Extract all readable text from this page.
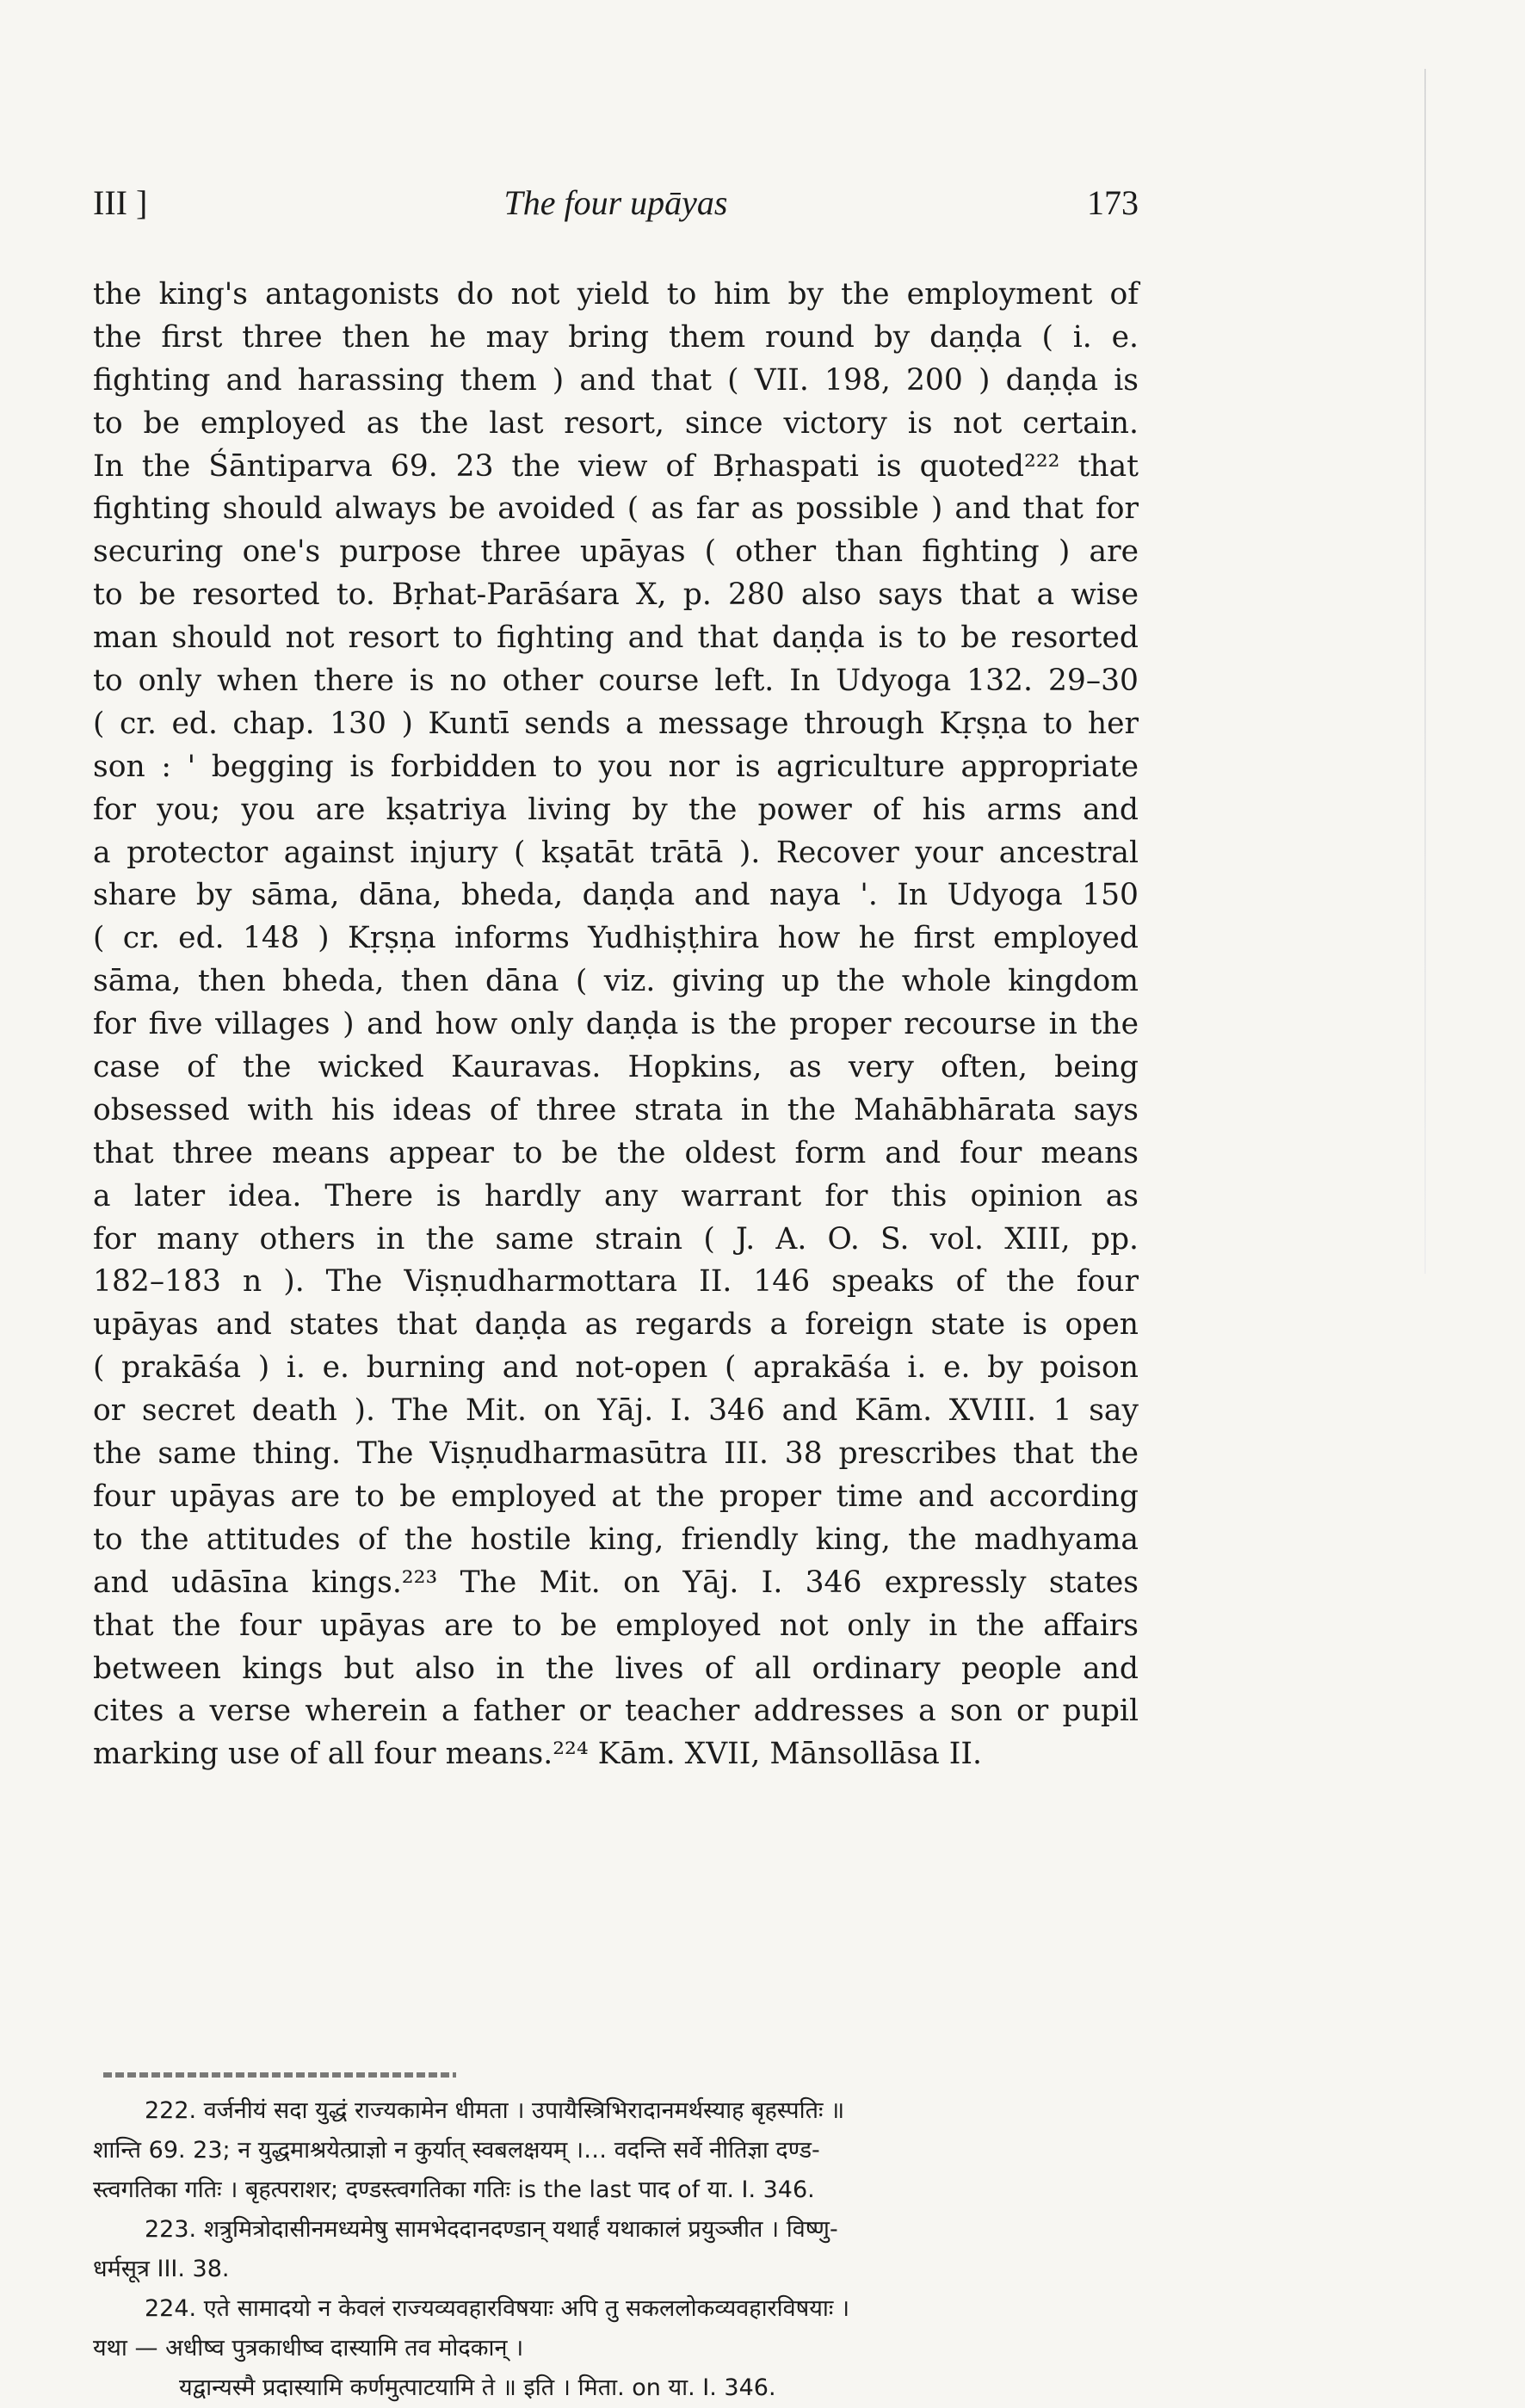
III ]	The four upāyas	173
the king's antagonists do not yield to him by the employment of
the first three then he may bring them round by daṇḍa ( i. e.
fighting and harassing them ) and that ( VII. 198, 200 ) daṇḍa is
to be employed as the last resort, since victory is not certain.
In the Śāntiparva 69. 23 the view of Bṛhaspati is quoted²²² that
fighting should always be avoided ( as far as possible ) and that for
securing one's purpose three upāyas ( other than fighting ) are
to be resorted to. Bṛhat-Parāśara X, p. 280 also says that a wise
man should not resort to fighting and that daṇḍa is to be resorted
to only when there is no other course left. In Udyoga 132. 29–30
( cr. ed. chap. 130 ) Kuntī sends a message through Kṛṣṇa to her
son : ' begging is forbidden to you nor is agriculture appropriate
for you; you are kṣatriya living by the power of his arms and
a protector against injury ( kṣatāt trātā ). Recover your ancestral
share by sāma, dāna, bheda, daṇḍa and naya '. In Udyoga 150
( cr. ed. 148 ) Kṛṣṇa informs Yudhiṣṭhira how he first employed
sāma, then bheda, then dāna ( viz. giving up the whole kingdom
for five villages ) and how only daṇḍa is the proper recourse in the
case of the wicked Kauravas. Hopkins, as very often, being
obsessed with his ideas of three strata in the Mahābhārata says
that three means appear to be the oldest form and four means
a later idea. There is hardly any warrant for this opinion as
for many others in the same strain ( J. A. O. S. vol. XIII, pp.
182–183 n ). The Viṣṇudharmottara II. 146 speaks of the four
upāyas and states that daṇḍa as regards a foreign state is open
( prakāśa ) i. e. burning and not-open ( aprakāśa i. e. by poison
or secret death ). The Mit. on Yāj. I. 346 and Kām. XVIII. 1 say
the same thing. The Viṣṇudharmasūtra III. 38 prescribes that the
four upāyas are to be employed at the proper time and according
to the attitudes of the hostile king, friendly king, the madhyama
and udāsīna kings.²²³ The Mit. on Yāj. I. 346 expressly states
that the four upāyas are to be employed not only in the affairs
between kings but also in the lives of all ordinary people and
cites a verse wherein a father or teacher addresses a son or pupil
marking use of all four means.²²⁴ Kām. XVII, Mānsollāsa II.
222. वर्जनीयं सदा युद्धं राज्यकामेन धीमता । उपायैस्त्रिभिरादानमर्थस्याह बृहस्पतिः ॥
शान्ति 69. 23; न युद्धमाश्रयेत्प्राज्ञो न कुर्यात् स्वबलक्षयम् ।… वदन्ति सर्वे नीतिज्ञा दण्ड-
स्त्वगतिका गतिः । बृहत्पराशर; दण्डस्त्वगतिका गतिः is the last पाद of या. I. 346.
223. शत्रुमित्रोदासीनमध्यमेषु सामभेददानदण्डान् यथार्हं यथाकालं प्रयुञ्जीत । विष्णु-
धर्मसूत्र III. 38.
224. एते सामादयो न केवलं राज्यव्यवहारविषयाः अपि तु सकललोकव्यवहारविषयाः ।
यथा — अधीष्व पुत्रकाधीष्व दास्यामि तव मोदकान् ।
यद्वान्यस्मै प्रदास्यामि कर्णमुत्पाटयामि ते ॥ इति । मिता. on या. I. 346.
